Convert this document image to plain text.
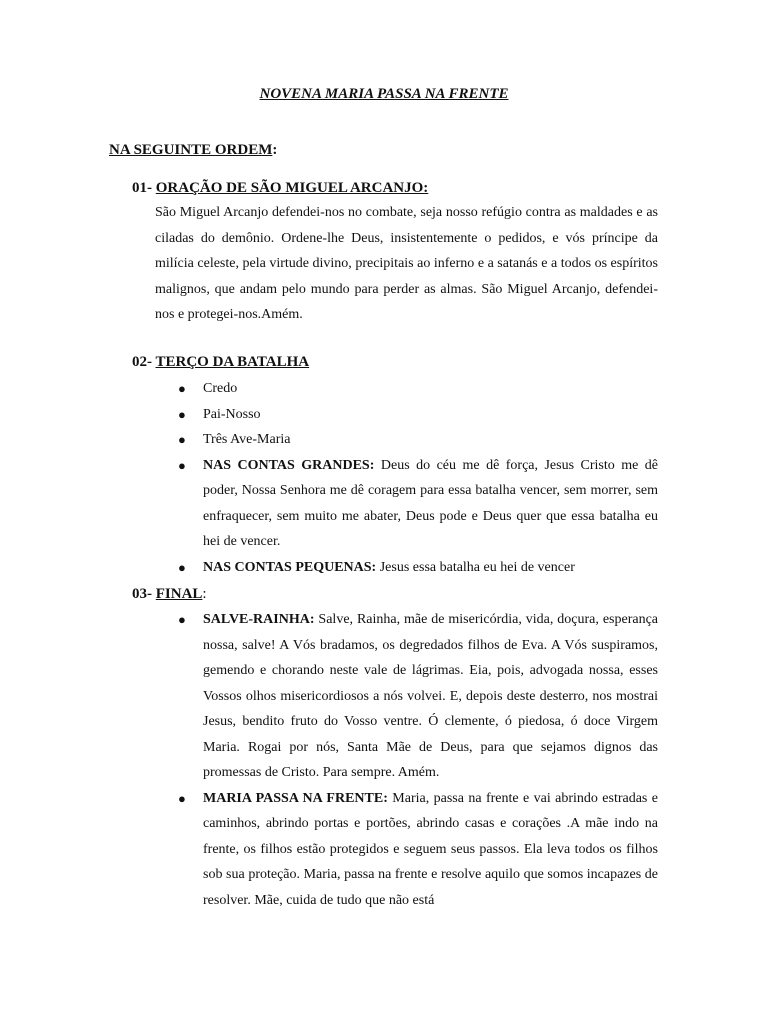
NOVENA MARIA PASSA NA FRENTE
NA SEGUINTE ORDEM:
01- ORAÇÃO DE SÃO MIGUEL ARCANJO:

São Miguel Arcanjo defendei-nos no combate, seja nosso refúgio contra as maldades e as ciladas do demônio. Ordene-lhe Deus, insistentemente o pedidos, e vós príncipe da milícia celeste, pela virtude divino, precipitais ao inferno e a satanás e a todos os espíritos malignos, que andam pelo mundo para perder as almas. São Miguel Arcanjo, defendei-nos e protegei-nos.Amém.

02- TERÇO DA BATALHA
● Credo
● Pai-Nosso
● Três Ave-Maria
● NAS CONTAS GRANDES: Deus do céu me dê força, Jesus Cristo me dê poder, Nossa Senhora me dê coragem para essa batalha vencer, sem morrer, sem enfraquecer, sem muito me abater, Deus pode e Deus quer que essa batalha eu hei de vencer.
● NAS CONTAS PEQUENAS: Jesus essa batalha eu hei de vencer
03- FINAL:
● SALVE-RAINHA: Salve, Rainha, mãe de misericórdia, vida, doçura, esperança nossa, salve! A Vós bradamos, os degredados filhos de Eva. A Vós suspiramos, gemendo e chorando neste vale de lágrimas. Eia, pois, advogada nossa, esses Vossos olhos misericordiosos a nós volvei. E, depois deste desterro, nos mostrai Jesus, bendito fruto do Vosso ventre. Ó clemente, ó piedosa, ó doce Virgem Maria. Rogai por nós, Santa Mãe de Deus, para que sejamos dignos das promessas de Cristo. Para sempre. Amém.
● MARIA PASSA NA FRENTE: Maria, passa na frente e vai abrindo estradas e caminhos, abrindo portas e portões, abrindo casas e corações .A mãe indo na frente, os filhos estão protegidos e seguem seus passos. Ela leva todos os filhos sob sua proteção. Maria, passa na frente e resolve aquilo que somos incapazes de resolver. Mãe, cuida de tudo que não está
